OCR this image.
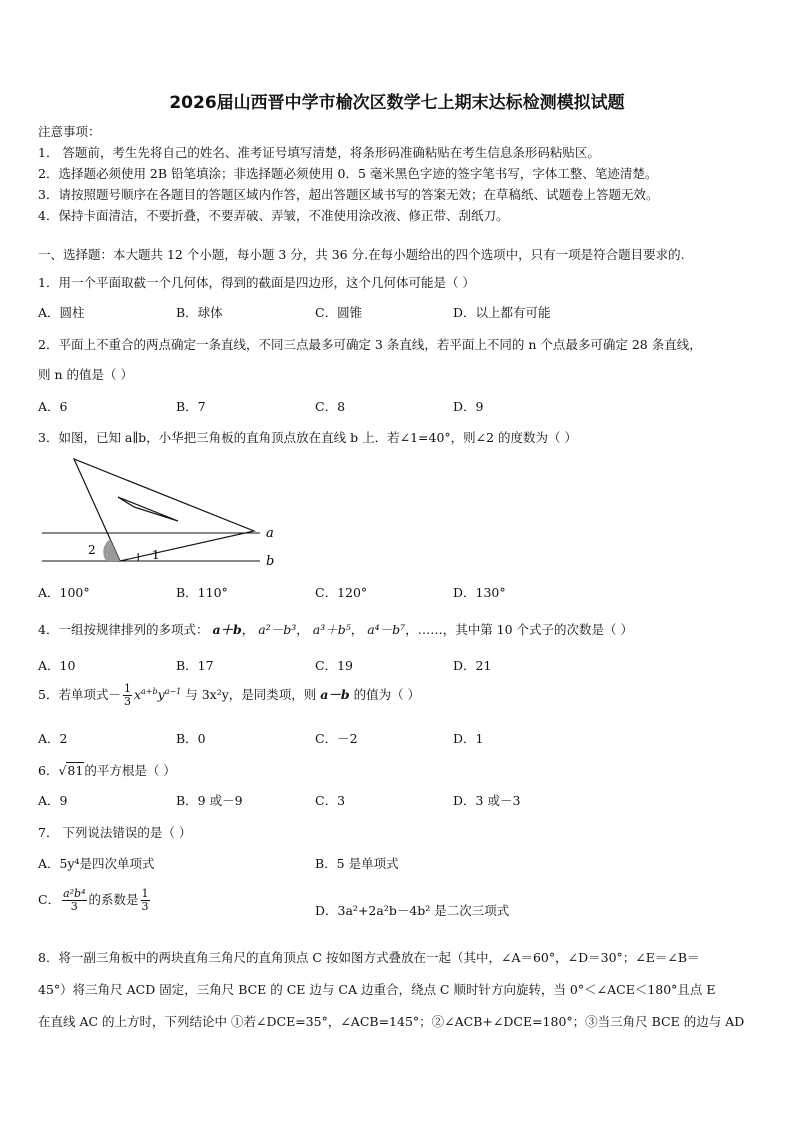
2026届山西晋中学市榆次区数学七上期末达标检测模拟试题
注意事项：
1． 答题前，考生先将自己的姓名、准考证号填写清楚，将条形码准确粘贴在考生信息条形码粘贴区。
2．选择题必须使用 2B 铅笔填涂；非选择题必须使用 0．5 毫米黑色字迹的签字笔书写，字体工整、笔迹清楚。
3．请按照题号顺序在各题目的答题区域内作答，超出答题区域书写的答案无效；在草稿纸、试题卷上答题无效。
4．保持卡面清洁，不要折叠，不要弄破、弄皱，不准使用涂改液、修正带、刮纸刀。
一、选择题：本大题共 12 个小题，每小题 3 分，共 36 分.在每小题给出的四个选项中，只有一项是符合题目要求的.
1．用一个平面取截一个几何体，得到的截面是四边形，这个几何体可能是（ ）
A．圆柱	B．球体	C．圆锥	D．以上都有可能
2．平面上不重合的两点确定一条直线，不同三点最多可确定 3 条直线，若平面上不同的 n 个点最多可确定 28 条直线，
则 n 的值是（ ）
A．6	B．7	C．8	D．9
3．如图，已知 a∥b，小华把三角板的直角顶点放在直线 b 上．若∠1=40°，则∠2 的度数为（ ）
a
b
1
2
A．100°	B．110°	C．120°	D．130°
4．一组按规律排列的多项式： a＋b， a²－b³， a³＋b⁵， a⁴－b⁷，……，其中第 10 个式子的次数是（ ）
A．10	B．17	C．19	D．21
5．若单项式－ $\frac{1}{3} x^{a+b}y^{a-1}$ 与 3x²y，是同类项，则 a－b 的值为（ ）
A．2	B．0	C．－2	D．1
6．√81的平方根是（ ）
A．9	B．9 或－9	C．3	D．3 或－3
7． 下列说法错误的是（ ）
A．5y⁴是四次单项式	B．5 是单项式
C． $\frac{\text{a²b⁴}}{3}$ 的系数是 $\frac{1}{3}$	D．3a²+2a²b－4b² 是二次三项式
8．将一副三角板中的两块直角三角尺的直角顶点 C 按如图方式叠放在一起（其中，∠A＝60°，∠D＝30°；∠E＝∠B＝
45°）将三角尺 ACD 固定，三角尺 BCE 的 CE 边与 CA 边重合，绕点 C 顺时针方向旋转，当 0°＜∠ACE＜180°且点 E
在直线 AC 的上方时，下列结论中 ①若∠DCE=35°，∠ACB=145°；②∠ACB+∠DCE=180°；③当三角尺 BCE 的边与 AD
